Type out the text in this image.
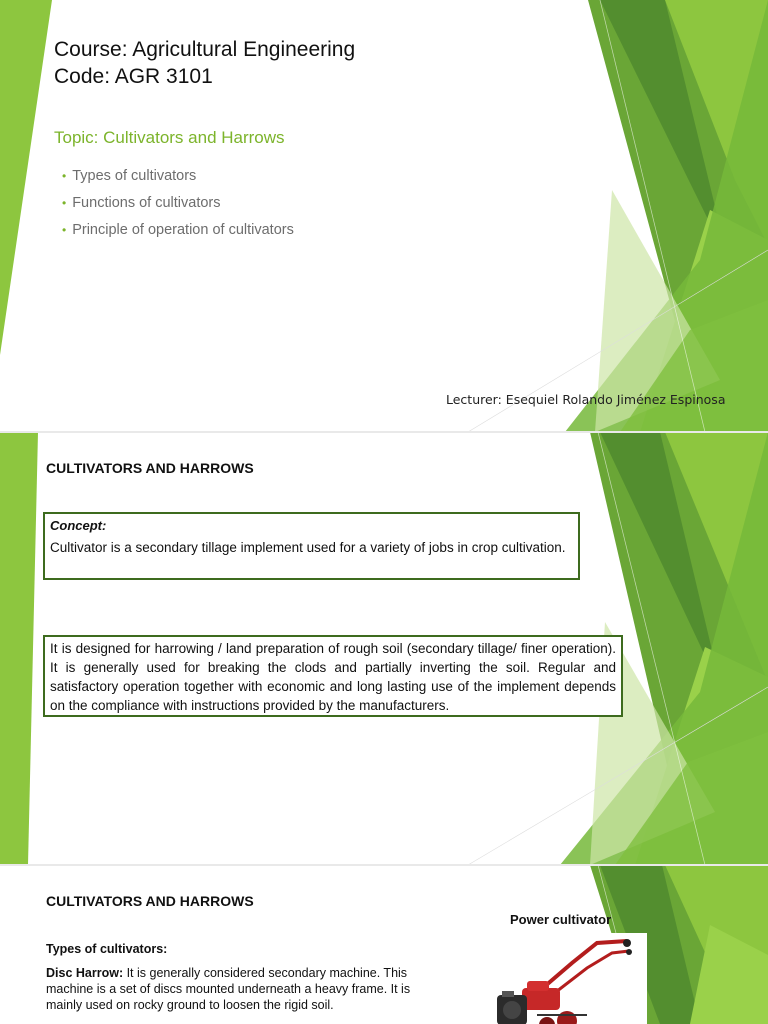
Course: Agricultural Engineering
Code: AGR 3101
Topic: Cultivators and Harrows
• Types of cultivators
• Functions of cultivators
• Principle of operation of cultivators
Lecturer: Esequiel Rolando Jiménez Espinosa
CULTIVATORS AND HARROWS
Concept:
Cultivator is a secondary tillage implement used for a variety of jobs in crop cultivation.
It is designed for harrowing / land preparation of rough soil (secondary tillage/ finer operation). It is generally used for breaking the clods and partially inverting the soil. Regular and satisfactory operation together with economic and long lasting use of the implement depends on the compliance with instructions provided by the manufacturers.
CULTIVATORS AND HARROWS
Power cultivator
Types of cultivators:
Disc Harrow: It is generally considered secondary machine. This machine is a set of discs mounted underneath a heavy frame. It is mainly used on rocky ground to loosen the rigid soil.
